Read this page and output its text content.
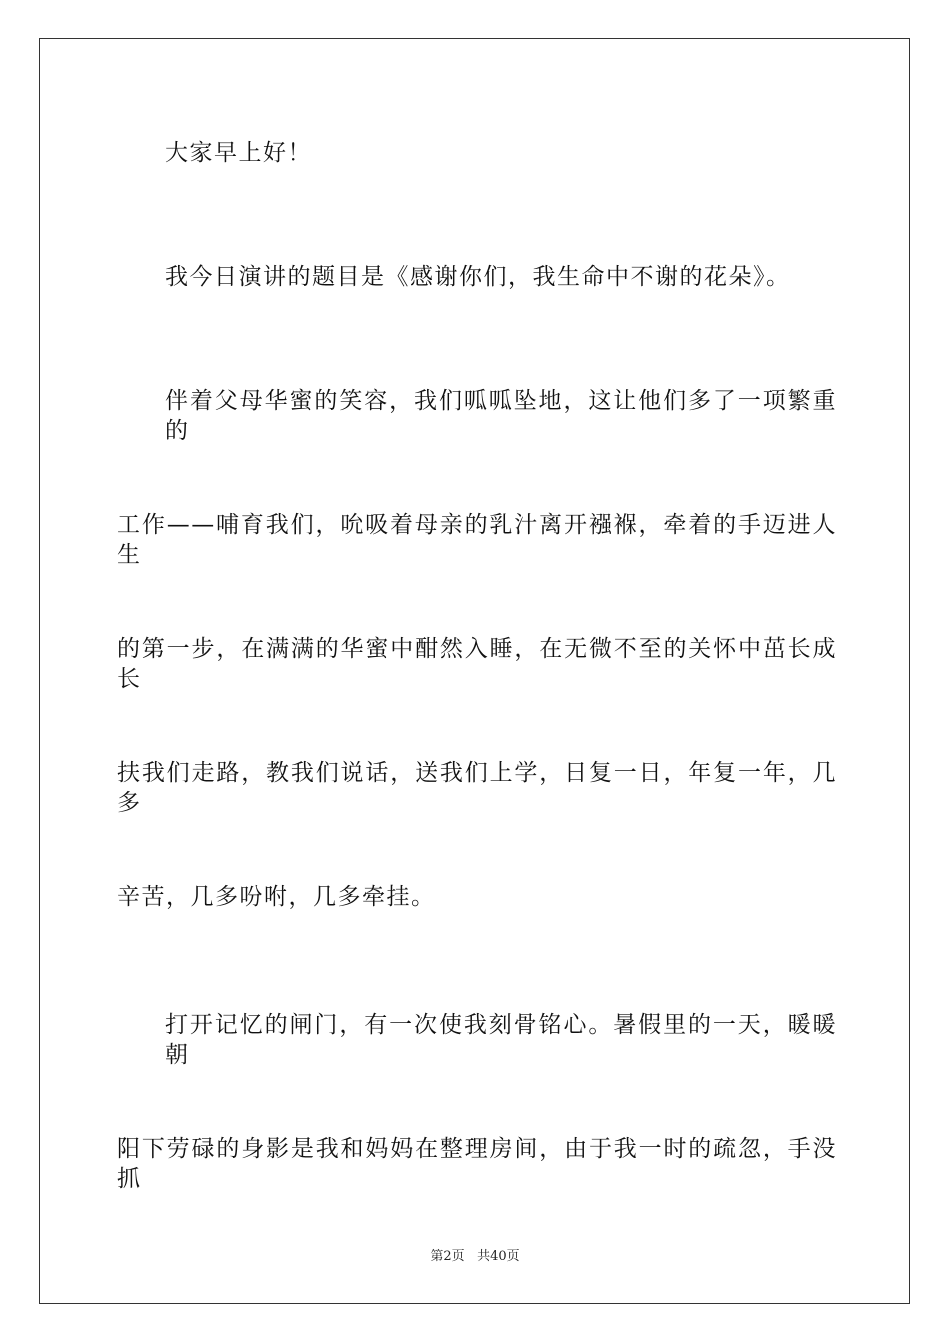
大家早上好！
我今日演讲的题目是《感谢你们，我生命中不谢的花朵》。
伴着父母华蜜的笑容，我们呱呱坠地，这让他们多了一项繁重的
工作——哺育我们，吮吸着母亲的乳汁离开襁褓，牵着的手迈进人生
的第一步，在满满的华蜜中酣然入睡，在无微不至的关怀中茁长成长
扶我们走路，教我们说话，送我们上学，日复一日，年复一年，几多
辛苦，几多吩咐，几多牵挂。
打开记忆的闸门，有一次使我刻骨铭心。暑假里的一天，暖暖朝
阳下劳碌的身影是我和妈妈在整理房间，由于我一时的疏忽，手没抓
第2页 共40页
